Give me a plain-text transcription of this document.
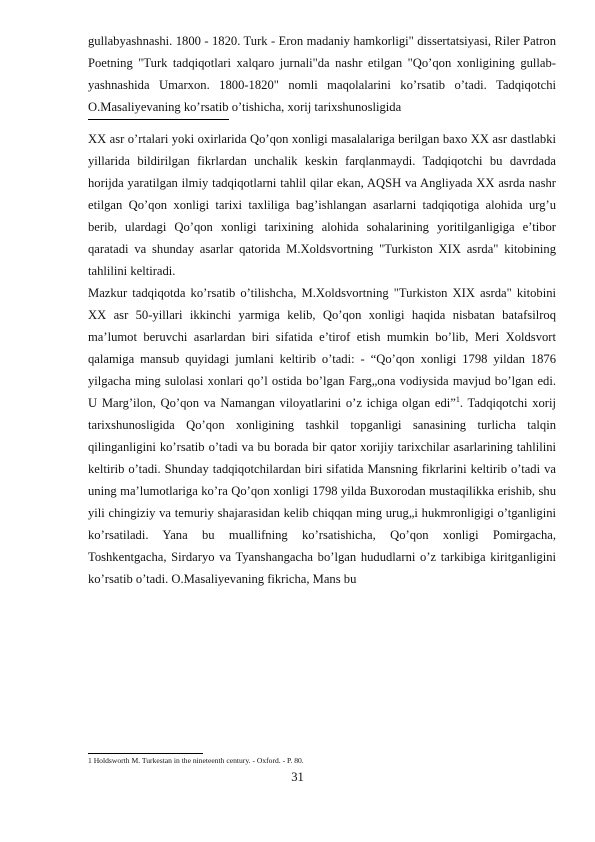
gullabyashnashi. 1800 - 1820. Turk - Eron madaniy hamkorligi" dissertatsiyasi, Riler Patron Poetning "Turk tadqiqotlari xalqaro jurnali"da nashr etilgan "Qo’qon xonligining gullab-yashnashida Umarxon. 1800-1820" nomli maqolalarini ko’rsatib o’tadi. Tadqiqotchi O.Masaliyevaning ko’rsatib o’tishicha, xorij tarixshunosligida

XX asr o’rtalari yoki oxirlarida Qo’qon xonligi masalalariga berilgan baxo XX asr dastlabki yillarida bildirilgan fikrlardan unchalik keskin farqlanmaydi. Tadqiqotchi bu davrdada horijda yaratilgan ilmiy tadqiqotlarni tahlil qilar ekan, AQSH va Angliyada XX asrda nashr etilgan Qo’qon xonligi tarixi taxliliga bag’ishlangan asarlarni tadqiqotiga alohida urg’u berib, ulardagi Qo’qon xonligi tarixining alohida sohalarining yoritilganligiga e’tibor qaratadi va shunday asarlar qatorida M.Xoldsvortning "Turkiston XIX asrda" kitobining tahlilini keltiradi.

Mazkur tadqiqotda ko’rsatib o’tilishcha, M.Xoldsvortning "Turkiston XIX asrda" kitobini XX asr 50-yillari ikkinchi yarmiga kelib, Qo’qon xonligi haqida nisbatan batafsilroq ma’lumot beruvchi asarlardan biri sifatida e’tirof etish mumkin bo’lib, Meri Xoldsvort qalamiga mansub quyidagi jumlani keltirib o’tadi: - “Qo’qon xonligi 1798 yildan 1876 yilgacha ming sulolasi xonlari qo’l ostida bo’lgan Farg„ona vodiysida mavjud bo’lgan edi. U Marg’ilon, Qo’qon va Namangan viloyatlarini o’z ichiga olgan edi”$^1$. Tadqiqotchi xorij tarixshunosligida Qo’qon xonligining tashkil topganligi sanasining turlicha talqin qilinganligini ko’rsatib o’tadi va bu borada bir qator xorijiy tarixchilar asarlarining tahlilini keltirib o’tadi. Shunday tadqiqotchilardan biri sifatida Mansning fikrlarini keltirib o’tadi va uning ma’lumotlariga ko’ra Qo’qon xonligi 1798 yilda Buxorodan mustaqilikka erishib, shu yili chingiziy va temuriy shajarasidan kelib chiqqan ming urug„i hukmronligigi o’tganligini ko’rsatiladi. Yana bu muallifning ko’rsatishicha, Qo’qon xonligi Pomirgacha, Toshkentgacha, Sirdaryo va Tyanshangacha bo’lgan hududlarni o’z tarkibiga kiritganligini ko’rsatib o’tadi. O.Masaliyevaning fikricha, Mans bu

1 Holdsworth M. Turkestan in the nineteenth century. - Oxford. - P. 80.
31
